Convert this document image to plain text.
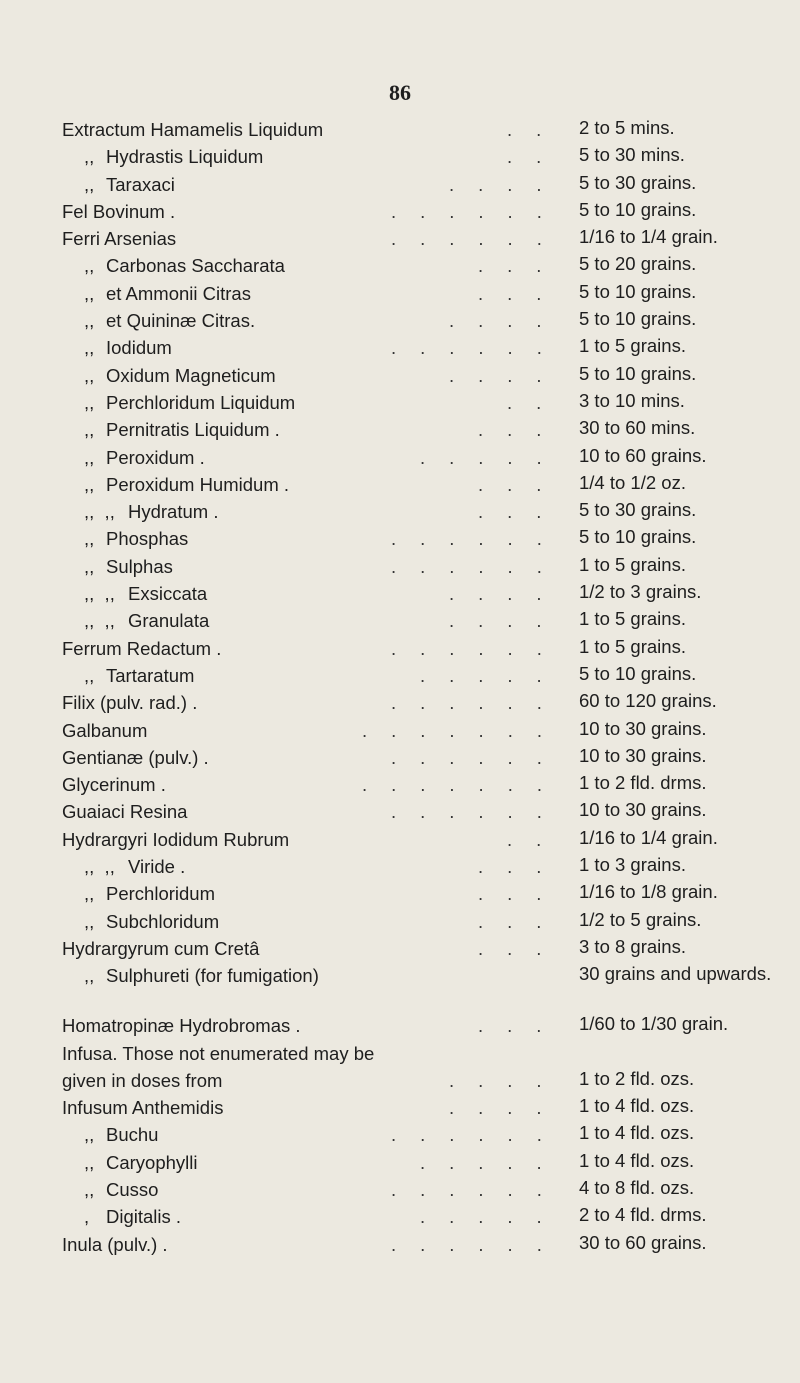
86
Extractum Hamamelis Liquidum	.. 2 to 5 mins.
,, Hydrastis Liquidum	.. 5 to 30 mins.
,, Taraxaci	.... 5 to 30 grains.
Fel Bovinum .	...... 5 to 10 grains.
Ferri Arsenias	...... 1/16 to 1/4 grain.
,, Carbonas Saccharata	... 5 to 20 grains.
,, et Ammonii Citras	... 5 to 10 grains.
,, et Quininæ Citras.	.... 5 to 10 grains.
,, Iodidum	...... 1 to 5 grains.
,, Oxidum Magneticum	.... 5 to 10 grains.
,, Perchloridum Liquidum	.. 3 to 10 mins.
,, Pernitratis Liquidum .	... 30 to 60 mins.
,, Peroxidum .	..... 10 to 60 grains.
,, Peroxidum Humidum .	... 1/4 to 1/2 oz.
,,  ,, Hydratum .	... 5 to 30 grains.
,, Phosphas	...... 5 to 10 grains.
,, Sulphas	...... 1 to 5 grains.
,,  ,, Exsiccata	.... 1/2 to 3 grains.
,,  ,, Granulata	.... 1 to 5 grains.
Ferrum Redactum .	...... 1 to 5 grains.
,, Tartaratum	..... 5 to 10 grains.
Filix (pulv. rad.) .	...... 60 to 120 grains.
Galbanum	....... 10 to 30 grains.
Gentianæ (pulv.) .	...... 10 to 30 grains.
Glycerinum .	....... 1 to 2 fld. drms.
Guaiaci Resina	...... 10 to 30 grains.
Hydrargyri Iodidum Rubrum	.. 1/16 to 1/4 grain.
,,  ,, Viride .	... 1 to 3 grains.
,, Perchloridum	... 1/16 to 1/8 grain.
,, Subchloridum	... 1/2 to 5 grains.
Hydrargyrum cum Cretâ	... 3 to 8 grains.
,, Sulphureti (for fumigation)	30 grains and upwards.
Homatropinæ Hydrobromas .	... 1/60 to 1/30 grain.
Infusa. Those not enumerated may be
given in doses from	.... 1 to 2 fld. ozs.
Infusum Anthemidis	.... 1 to 4 fld. ozs.
,, Buchu	...... 1 to 4 fld. ozs.
,, Caryophylli	..... 1 to 4 fld. ozs.
,, Cusso	...... 4 to 8 fld. ozs.
, Digitalis .	..... 2 to 4 fld. drms.
Inula (pulv.) .	...... 30 to 60 grains.
